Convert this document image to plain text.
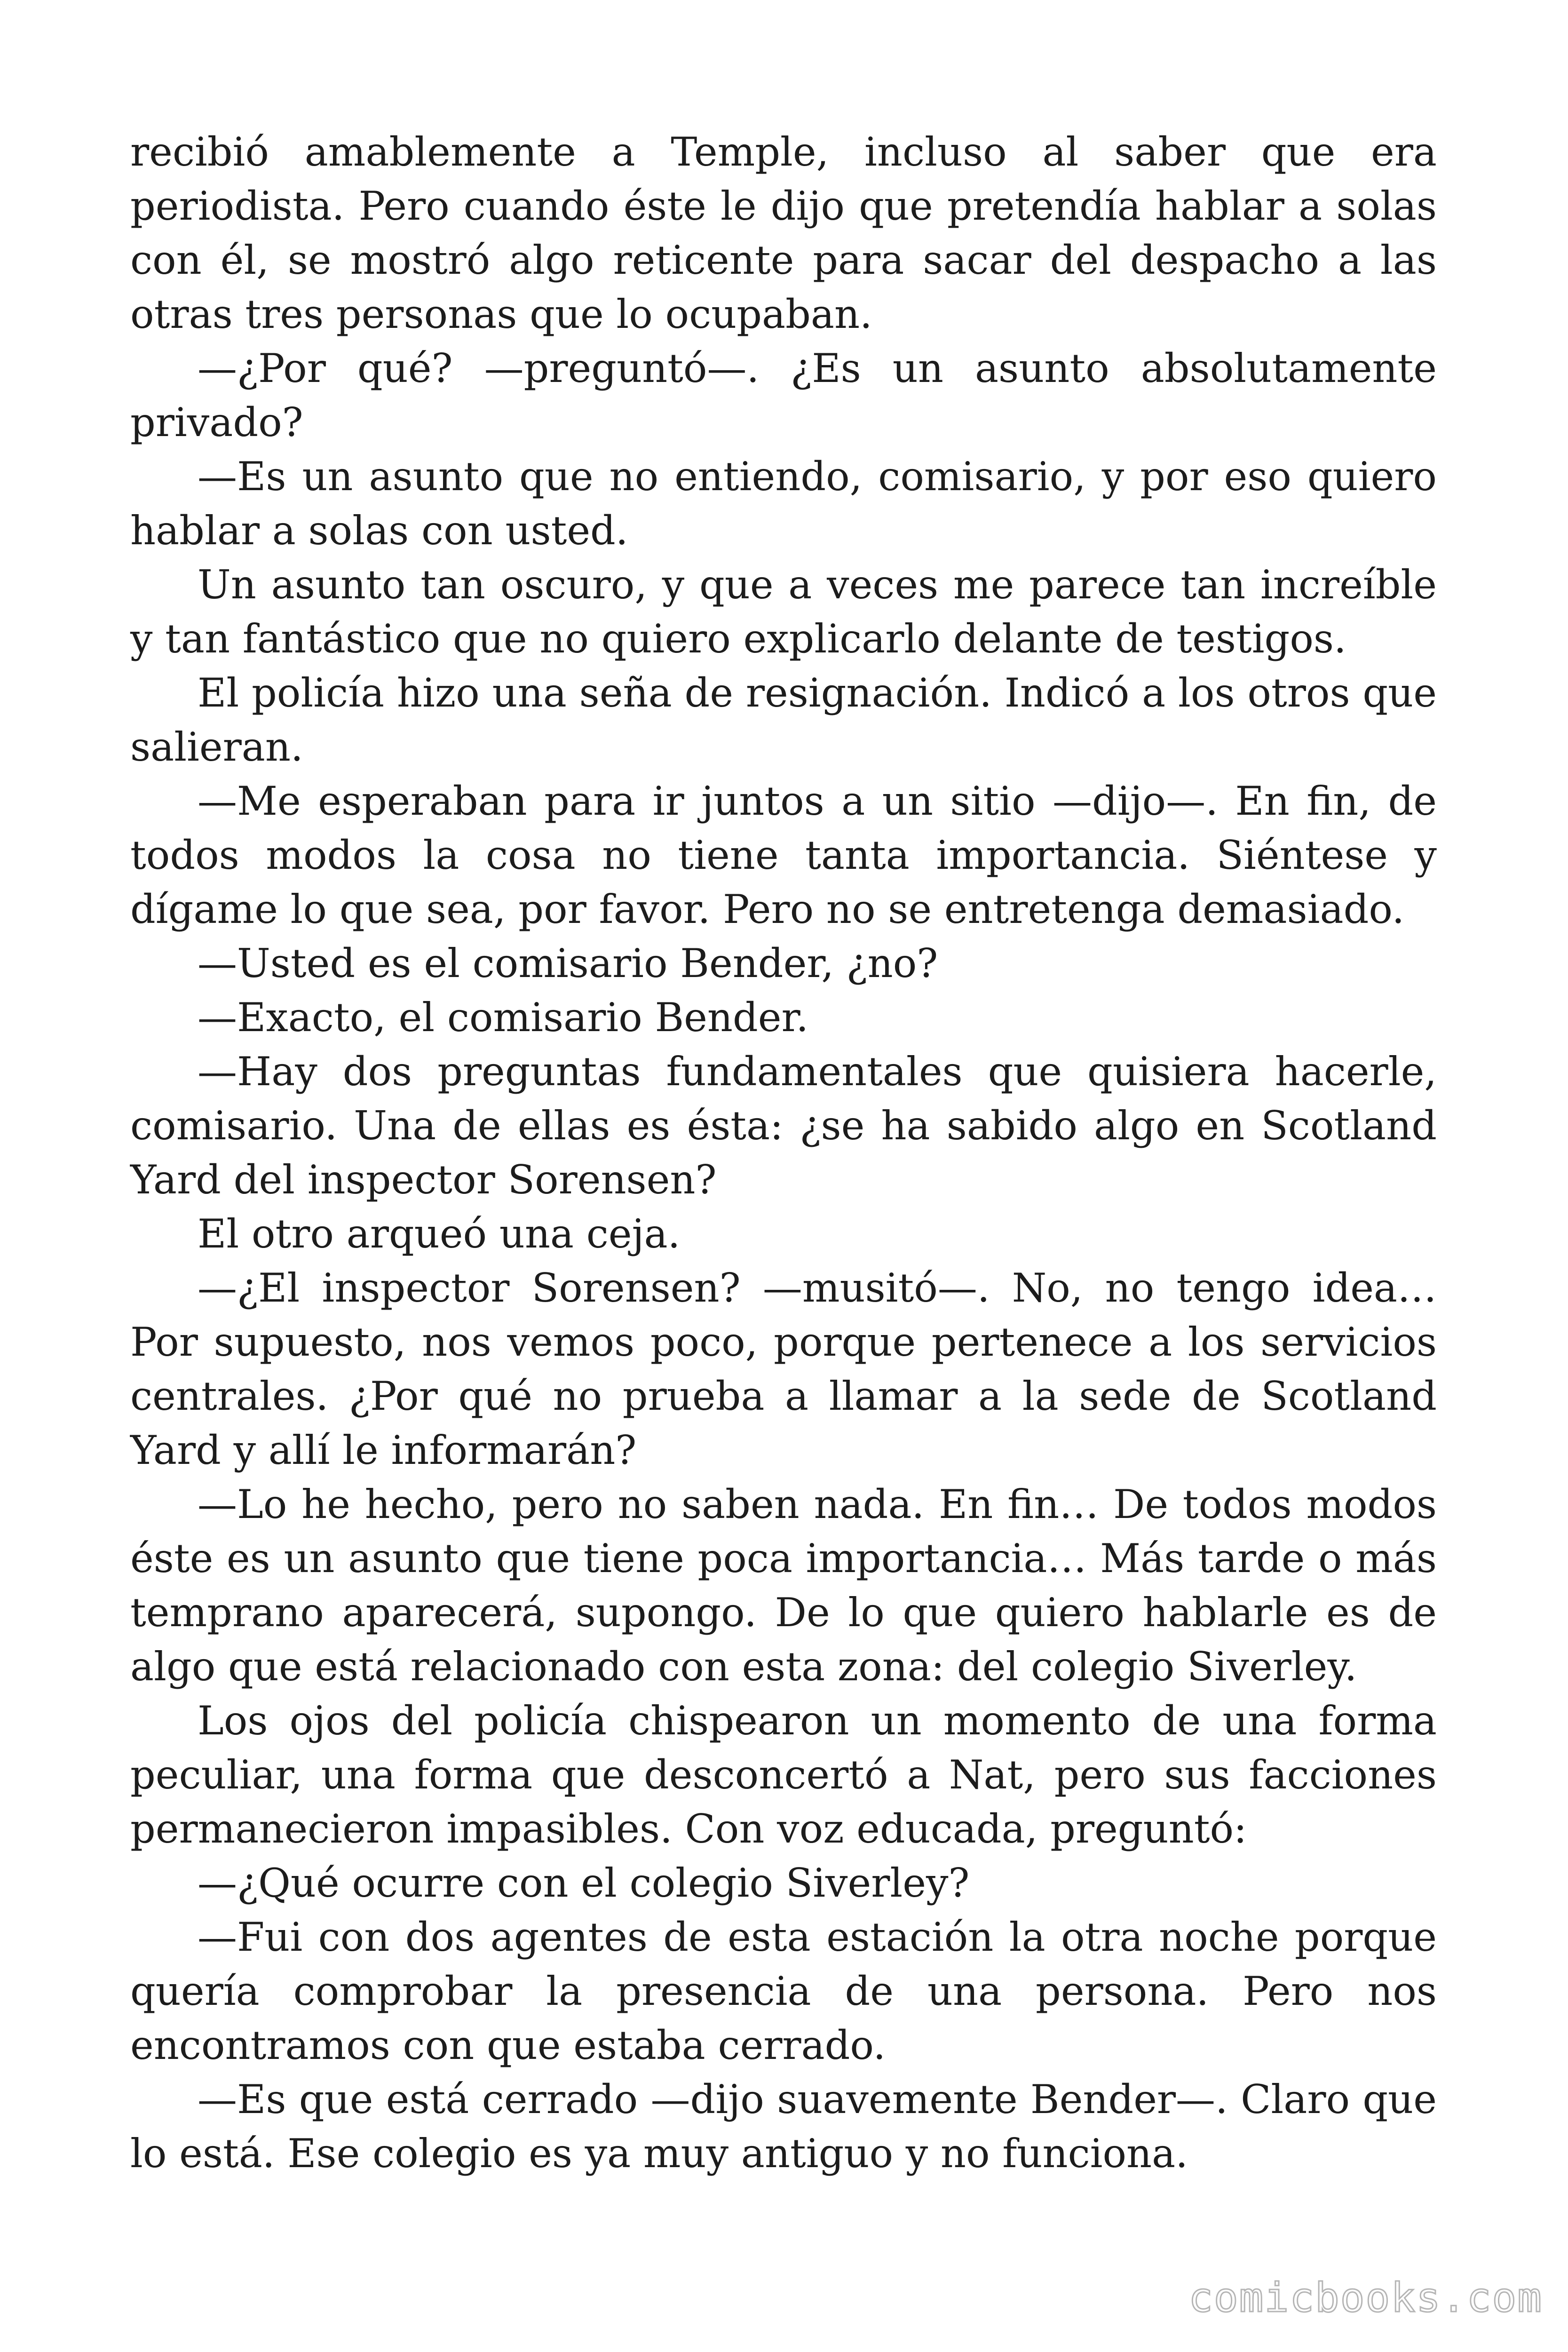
recibió amablemente a Temple, incluso al saber que era periodista. Pero cuando éste le dijo que pretendía hablar a solas con él, se mostró algo reticente para sacar del despacho a las otras tres personas que lo ocupaban.

—¿Por qué? —preguntó—. ¿Es un asunto absolutamente privado?

—Es un asunto que no entiendo, comisario, y por eso quiero hablar a solas con usted.

Un asunto tan oscuro, y que a veces me parece tan increíble y tan fantástico que no quiero explicarlo delante de testigos.

El policía hizo una seña de resignación. Indicó a los otros que salieran.

—Me esperaban para ir juntos a un sitio —dijo—. En fin, de todos modos la cosa no tiene tanta importancia. Siéntese y dígame lo que sea, por favor. Pero no se entretenga demasiado.

—Usted es el comisario Bender, ¿no?

—Exacto, el comisario Bender.

—Hay dos preguntas fundamentales que quisiera hacerle, comisario. Una de ellas es ésta: ¿se ha sabido algo en Scotland Yard del inspector Sorensen?

El otro arqueó una ceja.

—¿El inspector Sorensen? —musitó—. No, no tengo idea… Por supuesto, nos vemos poco, porque pertenece a los servicios centrales. ¿Por qué no prueba a llamar a la sede de Scotland Yard y allí le informarán?

—Lo he hecho, pero no saben nada. En fin… De todos modos éste es un asunto que tiene poca importancia… Más tarde o más temprano aparecerá, supongo. De lo que quiero hablarle es de algo que está relacionado con esta zona: del colegio Siverley.

Los ojos del policía chispearon un momento de una forma peculiar, una forma que desconcertó a Nat, pero sus facciones permanecieron impasibles. Con voz educada, preguntó:

—¿Qué ocurre con el colegio Siverley?

—Fui con dos agentes de esta estación la otra noche porque quería comprobar la presencia de una persona. Pero nos encontramos con que estaba cerrado.

—Es que está cerrado —dijo suavemente Bender—. Claro que lo está. Ese colegio es ya muy antiguo y no funciona.

comicbooks.com
